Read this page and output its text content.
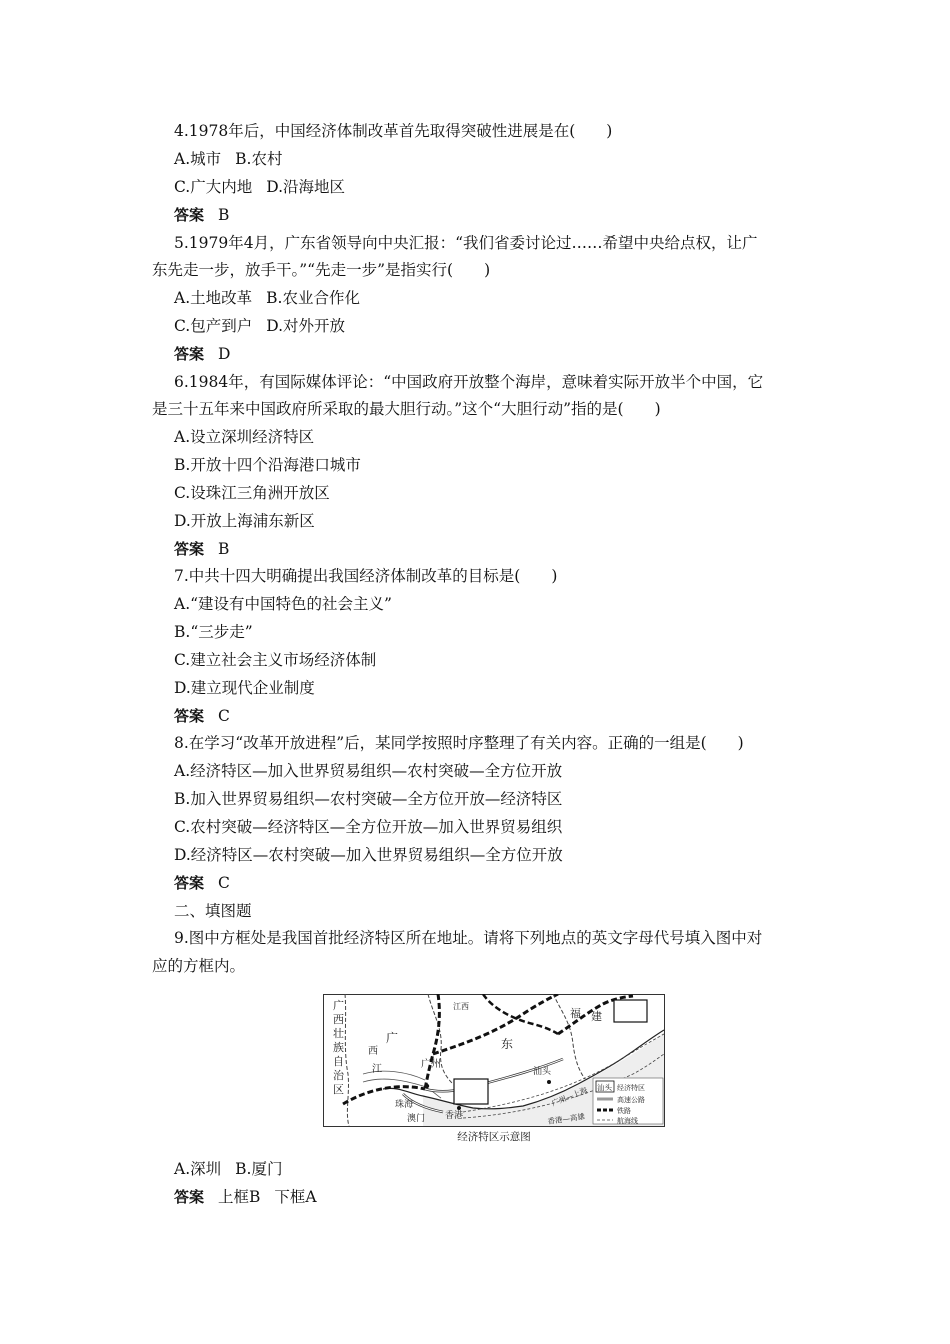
4.1978年后，中国经济体制改革首先取得突破性进展是在(　　)
A.城市 B.农村
C.广大内地 D.沿海地区
答案 B
5.1979年4月，广东省领导向中央汇报：“我们省委讨论过……希望中央给点权，让广
东先走一步，放手干。”“先走一步”是指实行(　　)
A.土地改革 B.农业合作化
C.包产到户 D.对外开放
答案 D
6.1984年，有国际媒体评论：“中国政府开放整个海岸，意味着实际开放半个中国，它
是三十五年来中国政府所采取的最大胆行动。”这个“大胆行动”指的是(　　)
A.设立深圳经济特区
B.开放十四个沿海港口城市
C.设珠江三角洲开放区
D.开放上海浦东新区
答案 B
7.中共十四大明确提出我国经济体制改革的目标是(　　)
A.“建设有中国特色的社会主义”
B.“三步走”
C.建立社会主义市场经济体制
D.建立现代企业制度
答案 C
8.在学习“改革开放进程”后，某同学按照时序整理了有关内容。正确的一组是(　　)
A.经济特区—加入世界贸易组织—农村突破—全方位开放
B.加入世界贸易组织—农村突破—全方位开放—经济特区
C.农村突破—经济特区—全方位开放—加入世界贸易组织
D.经济特区—农村突破—加入世界贸易组织—全方位开放
答案 C
二、填图题
9.图中方框处是我国首批经济特区所在地址。请将下列地点的英文字母代号填入图中对
应的方框内。
广
西
壮
族
自
治
区
江西
福 建
广	东
西
江	广州
汕头
珠海
澳门 香港
广州—上海
香港—高雄
汕头 经济特区
高速公路
铁路
航海线
经济特区示意图
A.深圳 B.厦门
答案 上框B 下框A
